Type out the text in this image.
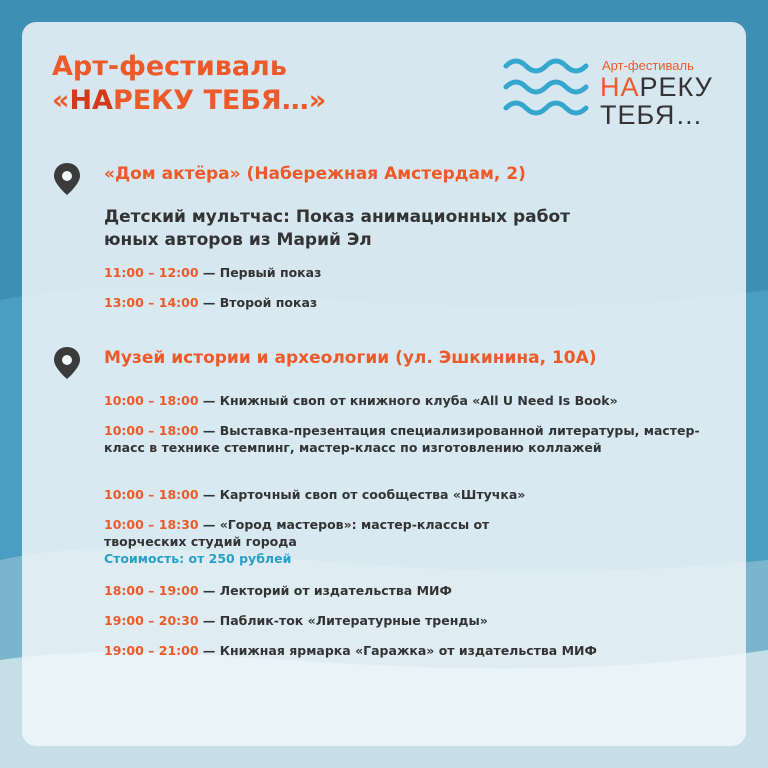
Арт-фестиваль
«НАРЕКУ ТЕБЯ…»
Арт-фестиваль
НАРЕКУ
ТЕБЯ…
«Дом актёра» (Набережная Амстердам, 2)
Детский мультчас: Показ анимационных работ
юных авторов из Марий Эл
11:00 – 12:00 — Первый показ
13:00 – 14:00 — Второй показ
Музей истории и археологии (ул. Эшкинина, 10А)
10:00 – 18:00 — Книжный своп от книжного клуба «All U Need Is Book»
10:00 – 18:00 — Выставка-презентация специализированной литературы, мастер-класс в технике стемпинг, мастер-класс по изготовлению коллажей
10:00 – 18:00 — Карточный своп от сообщества «Штучка»
10:00 – 18:30 — «Город мастеров»: мастер-классы от творческих студий города
Стоимость: от 250 рублей
18:00 – 19:00 — Лекторий от издательства МИФ
19:00 – 20:30 — Паблик-ток «Литературные тренды»
19:00 – 21:00 — Книжная ярмарка «Гаражка» от издательства МИФ
